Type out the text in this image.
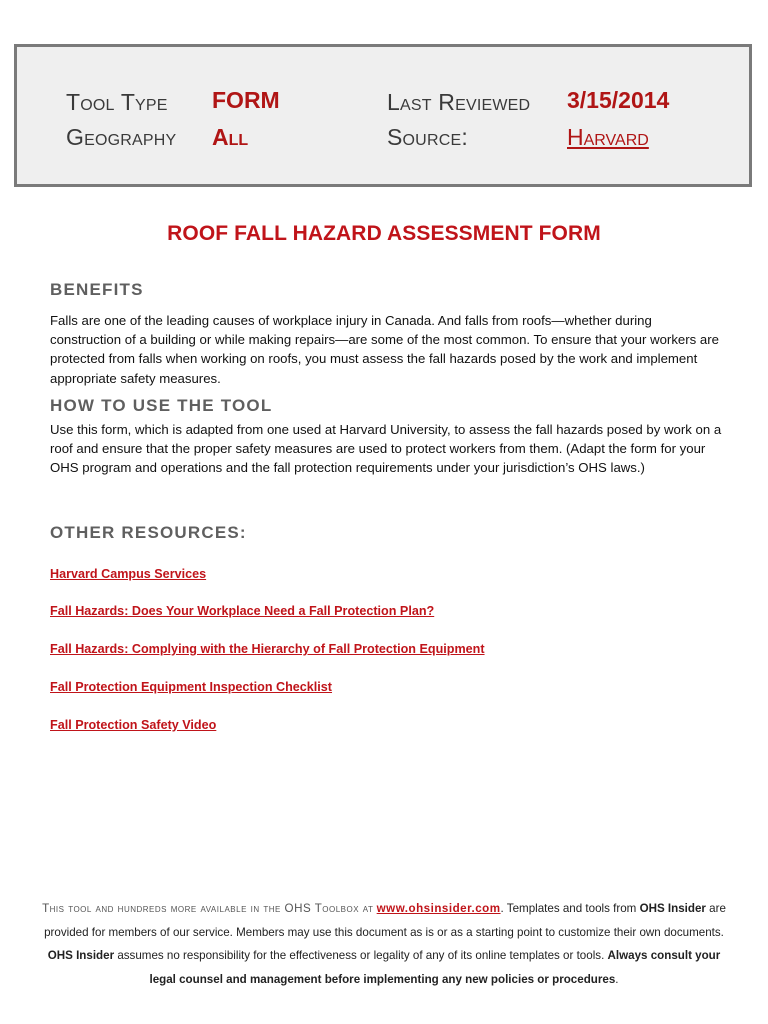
Tool Type FORM	Last Reviewed 3/15/2014
Geography All	Source:	Harvard
ROOF FALL HAZARD ASSESSMENT FORM
BENEFITS
Falls are one of the leading causes of workplace injury in Canada. And falls from roofs—whether during construction of a building or while making repairs—are some of the most common. To ensure that your workers are protected from falls when working on roofs, you must assess the fall hazards posed by the work and implement appropriate safety measures.
HOW TO USE THE TOOL
Use this form, which is adapted from one used at Harvard University, to assess the fall hazards posed by work on a roof and ensure that the proper safety measures are used to protect workers from them. (Adapt the form for your OHS program and operations and the fall protection requirements under your jurisdiction’s OHS laws.)
OTHER RESOURCES:
Harvard Campus Services
Fall Hazards: Does Your Workplace Need a Fall Protection Plan?
Fall Hazards: Complying with the Hierarchy of Fall Protection Equipment
Fall Protection Equipment Inspection Checklist
Fall Protection Safety Video
This tool and hundreds more available in the OHS Toolbox at www.ohsinsider.com. Templates and tools from OHS Insider are provided for members of our service. Members may use this document as is or as a starting point to customize their own documents. OHS Insider assumes no responsibility for the effectiveness or legality of any of its online templates or tools. Always consult your legal counsel and management before implementing any new policies or procedures.
